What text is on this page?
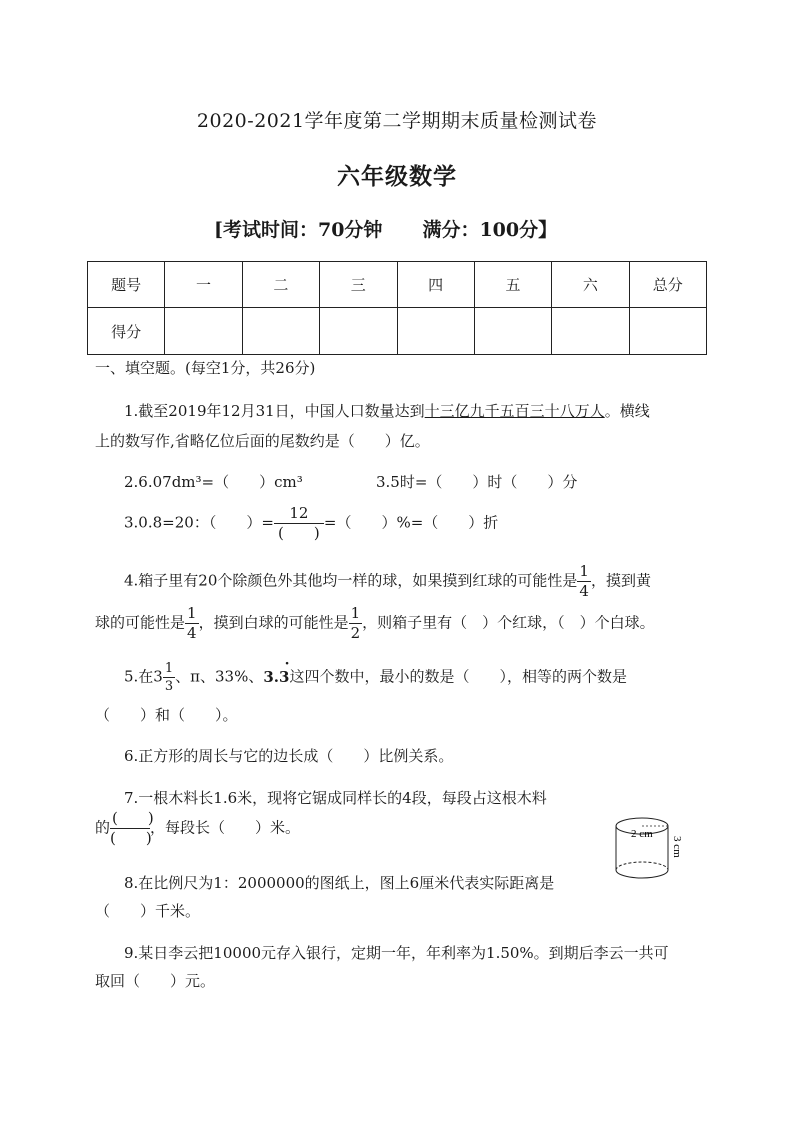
2020-2021学年度第二学期期末质量检测试卷
六年级数学
[考试时间：70分钟 满分：100分】
题号	一	二	三	四	五	六	总分
得分							
一、填空题。(每空1分，共26分)
1.截至2019年12月31日，中国人口数量达到十三亿九千五百三十八万人。横线
上的数写作,省略亿位后面的尾数约是（　　）亿。
2.6.07dm³=（　　）cm³	3.5时=（　　）时（　　）分
3.0.8=20：（　　）= $\frac{12}{( )}$ =（　　）%=（　　）折
4.箱子里有20个除颜色外其他均一样的球，如果摸到红球的可能性是 $\frac{1}{4}$ ，摸到黄
球的可能性是 $\frac{1}{4}$ ，摸到白球的可能性是 $\frac{1}{2}$ ，则箱子里有（　）个红球，（　）个白球。
5.在$3 \frac{1}{3}$ 、π、33%、3.3
·
这四个数中，最小的数是（　　），相等的两个数是
（　　）和（　　）。
6.正方形的周长与它的边长成（　　）比例关系。
7.一根木料长1.6米，现将它锯成同样长的4段，每段占这根木料
的 $\frac{( )}{( )}$ ，每段长（　　）米。	2 cm
3 cm
8.在比例尺为1：2000000的图纸上，图上6厘米代表实际距离是
（　　）千米。
9.某日李云把10000元存入银行，定期一年，年利率为1.50%。到期后李云一共可
取回（　　）元。
